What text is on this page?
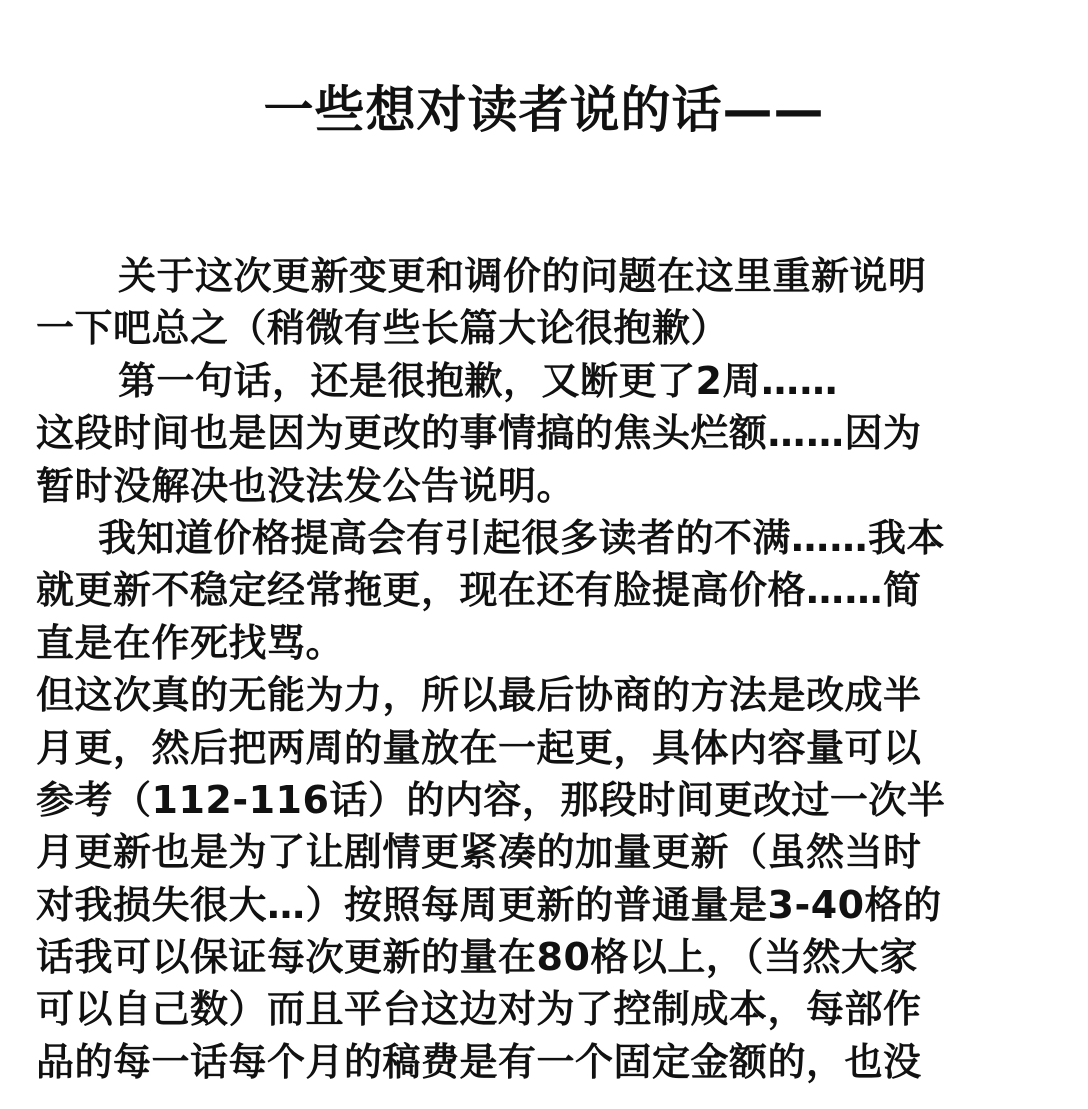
一些想对读者说的话——
关于这次更新变更和调价的问题在这里重新说明
一下吧总之（稍微有些长篇大论很抱歉）
第一句话，还是很抱歉，又断更了2周……
这段时间也是因为更改的事情搞的焦头烂额……因为
暂时没解决也没法发公告说明。
我知道价格提高会有引起很多读者的不满……我本
就更新不稳定经常拖更，现在还有脸提高价格……简
直是在作死找骂。
但这次真的无能为力，所以最后协商的方法是改成半
月更，然后把两周的量放在一起更，具体内容量可以
参考（112-116话）的内容，那段时间更改过一次半
月更新也是为了让剧情更紧凑的加量更新（虽然当时
对我损失很大…）按照每周更新的普通量是3-40格的
话我可以保证每次更新的量在80格以上，（当然大家
可以自己数）而且平台这边对为了控制成本，每部作
品的每一话每个月的稿费是有一个固定金额的，也没
